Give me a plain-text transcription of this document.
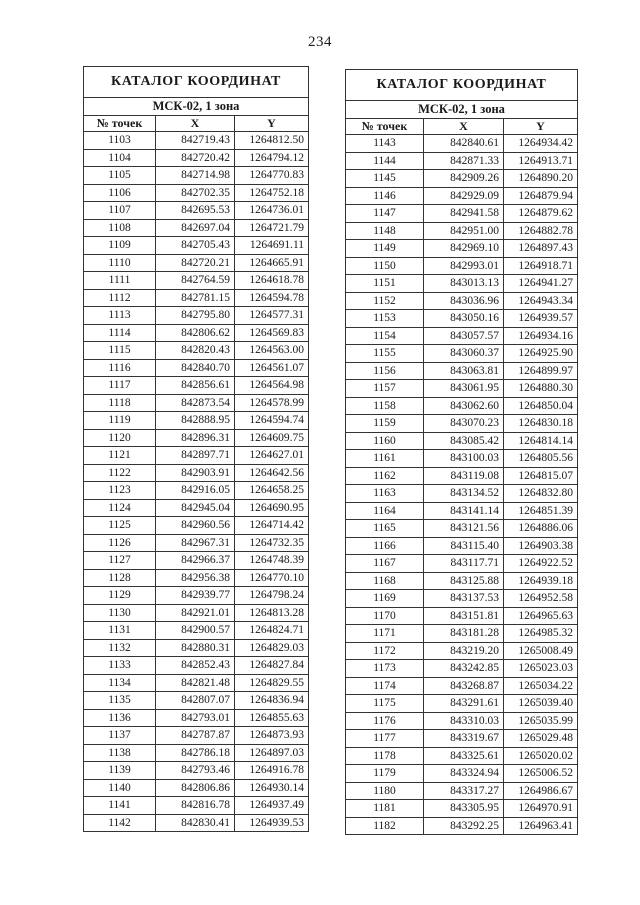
234
КАТАЛОГ КООРДИНАТ		
МСК-02, 1 зона		
№ точек	X	Y
1103	842719.43	1264812.50
1104	842720.42	1264794.12
1105	842714.98	1264770.83
1106	842702.35	1264752.18
1107	842695.53	1264736.01
1108	842697.04	1264721.79
1109	842705.43	1264691.11
1110	842720.21	1264665.91
1111	842764.59	1264618.78
1112	842781.15	1264594.78
1113	842795.80	1264577.31
1114	842806.62	1264569.83
1115	842820.43	1264563.00
1116	842840.70	1264561.07
1117	842856.61	1264564.98
1118	842873.54	1264578.99
1119	842888.95	1264594.74
1120	842896.31	1264609.75
1121	842897.71	1264627.01
1122	842903.91	1264642.56
1123	842916.05	1264658.25
1124	842945.04	1264690.95
1125	842960.56	1264714.42
1126	842967.31	1264732.35
1127	842966.37	1264748.39
1128	842956.38	1264770.10
1129	842939.77	1264798.24
1130	842921.01	1264813.28
1131	842900.57	1264824.71
1132	842880.31	1264829.03
1133	842852.43	1264827.84
1134	842821.48	1264829.55
1135	842807.07	1264836.94
1136	842793.01	1264855.63
1137	842787.87	1264873.93
1138	842786.18	1264897.03
1139	842793.46	1264916.78
1140	842806.86	1264930.14
1141	842816.78	1264937.49
1142	842830.41	1264939.53
КАТАЛОГ КООРДИНАТ		
МСК-02, 1 зона		
№ точек	X	Y
1143	842840.61	1264934.42
1144	842871.33	1264913.71
1145	842909.26	1264890.20
1146	842929.09	1264879.94
1147	842941.58	1264879.62
1148	842951.00	1264882.78
1149	842969.10	1264897.43
1150	842993.01	1264918.71
1151	843013.13	1264941.27
1152	843036.96	1264943.34
1153	843050.16	1264939.57
1154	843057.57	1264934.16
1155	843060.37	1264925.90
1156	843063.81	1264899.97
1157	843061.95	1264880.30
1158	843062.60	1264850.04
1159	843070.23	1264830.18
1160	843085.42	1264814.14
1161	843100.03	1264805.56
1162	843119.08	1264815.07
1163	843134.52	1264832.80
1164	843141.14	1264851.39
1165	843121.56	1264886.06
1166	843115.40	1264903.38
1167	843117.71	1264922.52
1168	843125.88	1264939.18
1169	843137.53	1264952.58
1170	843151.81	1264965.63
1171	843181.28	1264985.32
1172	843219.20	1265008.49
1173	843242.85	1265023.03
1174	843268.87	1265034.22
1175	843291.61	1265039.40
1176	843310.03	1265035.99
1177	843319.67	1265029.48
1178	843325.61	1265020.02
1179	843324.94	1265006.52
1180	843317.27	1264986.67
1181	843305.95	1264970.91
1182	843292.25	1264963.41
